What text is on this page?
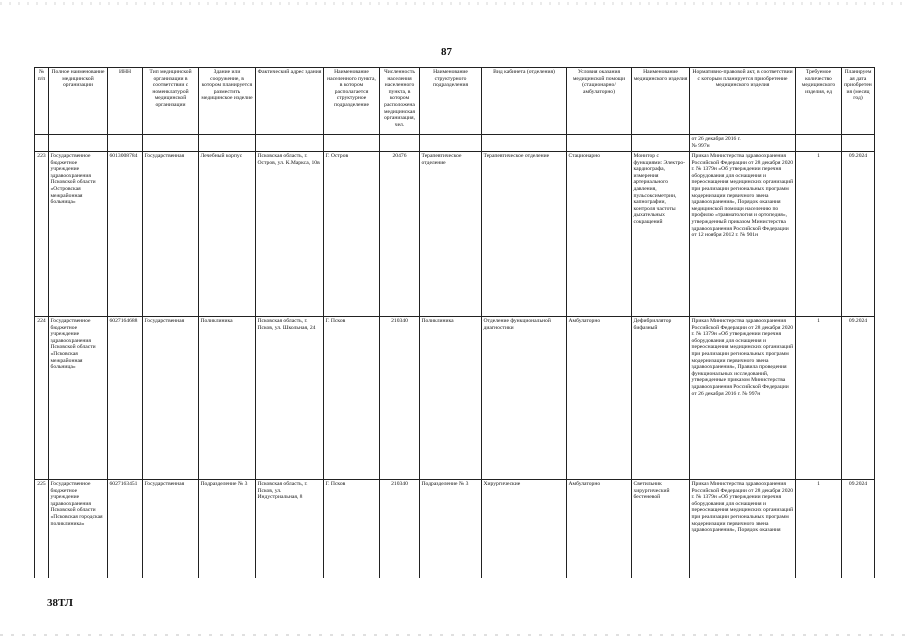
87
№ п/п	Полное наименование медицинской организации	ИНН	Тип медицинской организации в соответствии с номенклатурой медицинской организации	Здание или сооружение, в котором планируется разместить медицинское изделие	Фактический адрес здания	Наименование населенного пункта, в котором располагается структурное подразделение	Численность населения населенного пункта, в котором расположена медицинская организация, чел.	Наименование структурного подразделения	Вид кабинета (отделения)	Условия оказания медицинской помощи (стационарно/ амбулаторно)	Наименование медицинского изделия	Нормативно-правовой акт, в соответствии с которым планируется приобретение медицинского изделия	Требуемое количество медицинского изделия, ед	Планируемая дата приобретения (месяц год)
												от 26 декабря 2016 г.
№ 997н		
223	Государственное бюджетное учреждение здравоохранения Псковской области «Островская межрайонная больница»	6013008784	Государственная	Лечебный корпус	Псковская область, г. Остров, ул. К.Маркса, 10в	Г. Остров	20476	Терапевтическое отделение	Терапевтическое отделение	Стационарно	Монитор с функциями: Электро-кардиографа, измерения артериального давления, пульсоксиметрии, капнографии, контроля частоты дыхательных сокращений	Приказ Министерства здравоохранения Российской Федерации от 28 декабря 2020 г. № 1379н «Об утверждении перечня оборудования для оснащения и переоснащения медицинских организаций при реализации региональных программ модернизации первичного звена здравоохранения», Порядок оказания медицинской помощи населению по профилю «травматология и ортопедия», утвержденный приказом Министерства здравоохранения Российской Федерации от 12 ноября 2012 г. № 901н	1	09.2024
224	Государственное бюджетное учреждение здравоохранения Псковской области «Псковская межрайонная больница»	6027164688	Государственная	Поликлиника	Псковская область, г. Псков, ул. Школьная, 24	Г. Псков	210340	Поликлиника	Отделение функциональной диагностики	Амбулаторно	Дефибриллятор бифазный	Приказ Министерства здравоохранения Российской Федерации от 28 декабря 2020 г. № 1379н «Об утверждении перечня оборудования для оснащения и переоснащения медицинских организаций при реализации региональных программ модернизации первичного звена здравоохранения», Правила проведения функциональных исследований, утвержденные приказом Министерства здравоохранения Российской Федерации от 26 декабря 2016 г. № 997н	1	09.2024
225	Государственное бюджетное учреждение здравоохранения Псковской области «Псковская городская поликлиника»	6027163451	Государственная	Подразделение № 3	Псковская область, г. Псков, ул. Индустриальная, 8	Г. Псков	210340	Подразделение № 3	Хирургические	Амбулаторно	Светильник хирургический бестеневой	Приказ Министерства здравоохранения Российской Федерации от 28 декабря 2020 г. № 1379н «Об утверждении перечня оборудования для оснащения и переоснащения медицинских организаций при реализации региональных программ модернизации первичного звена здравоохранения», Порядок оказания	1	09.2024
38ТЛ
